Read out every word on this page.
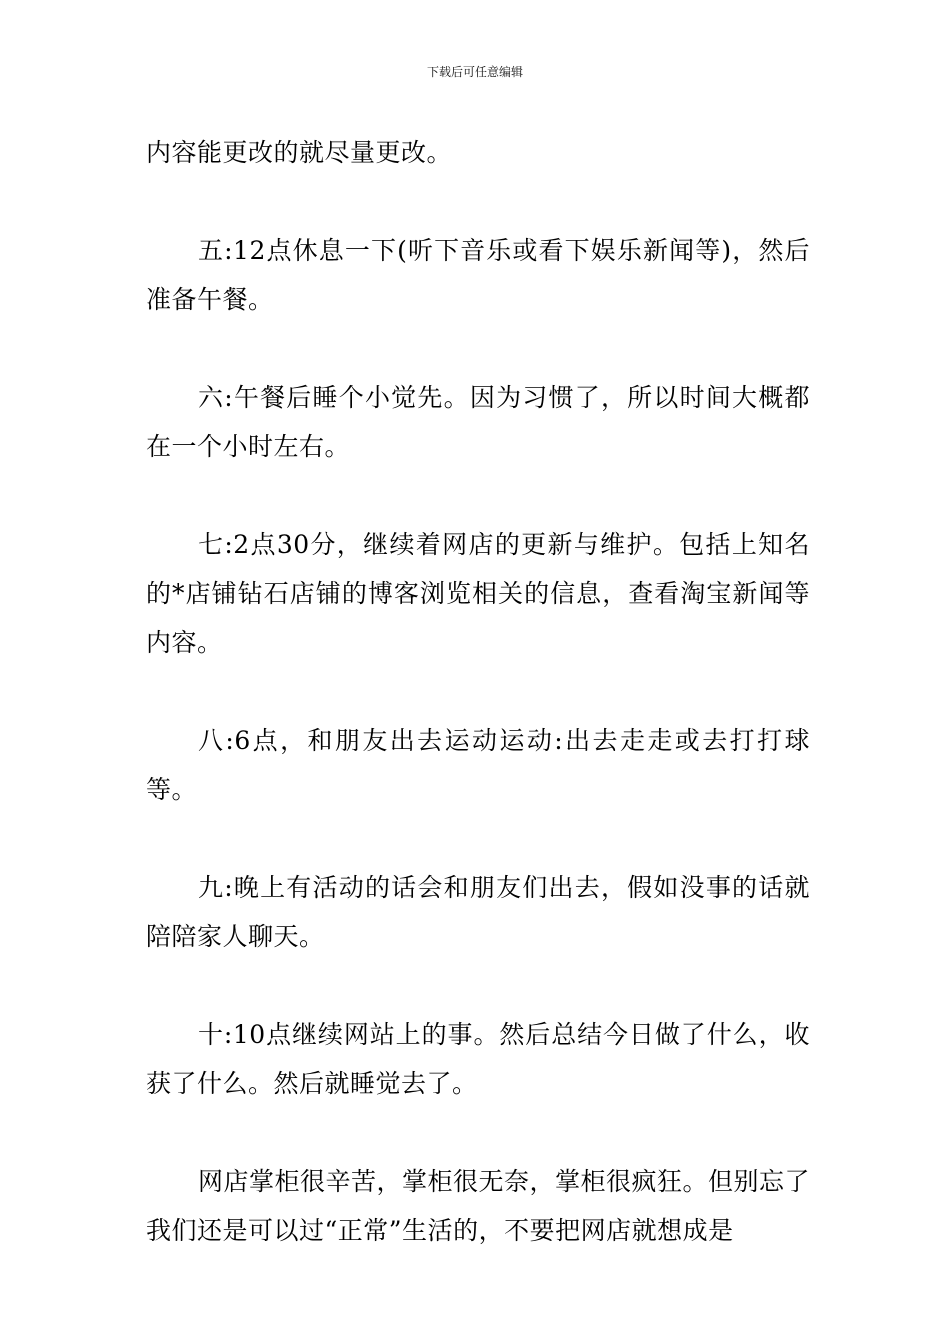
下载后可任意编辑

内容能更改的就尽量更改。

五:12点休息一下(听下音乐或看下娱乐新闻等)，然后准备午餐。

六:午餐后睡个小觉先。因为习惯了，所以时间大概都在一个小时左右。

七:2点30分，继续着网店的更新与维护。包括上知名的*店铺钻石店铺的博客浏览相关的信息，查看淘宝新闻等内容。

八:6点，和朋友出去运动运动:出去走走或去打打球等。

九:晚上有活动的话会和朋友们出去，假如没事的话就陪陪家人聊天。

十:10点继续网站上的事。然后总结今日做了什么，收获了什么。然后就睡觉去了。

网店掌柜很辛苦，掌柜很无奈，掌柜很疯狂。但别忘了我们还是可以过“正常”生活的，不要把网店就想成是
